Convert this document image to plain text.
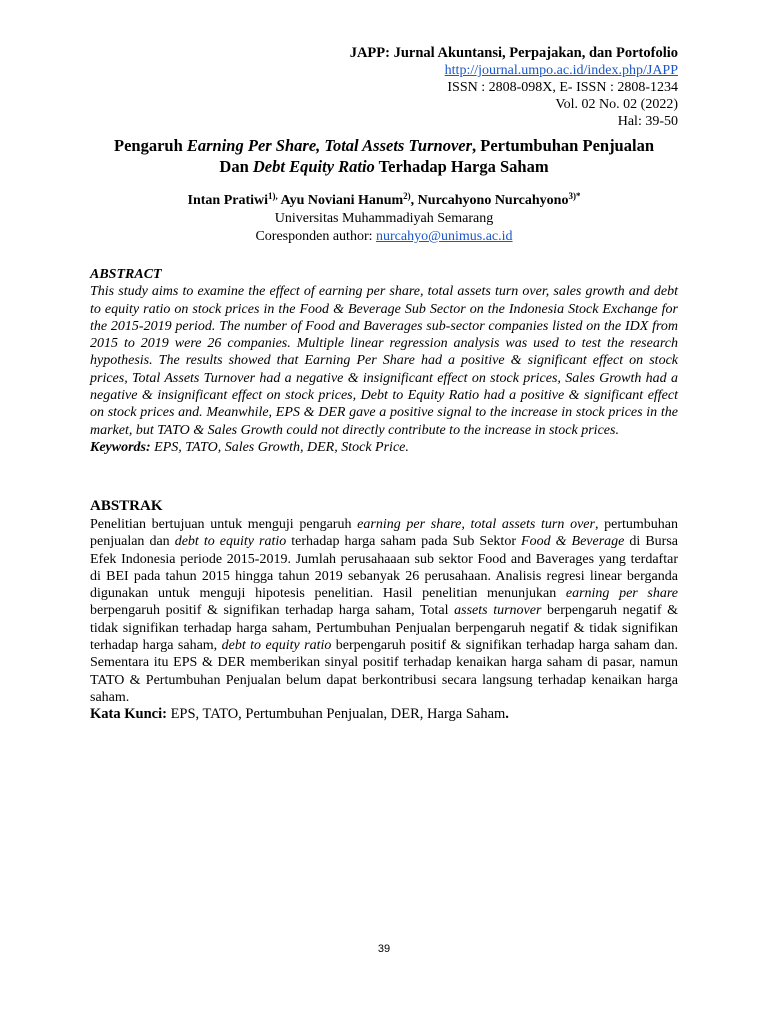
JAPP: Jurnal Akuntansi, Perpajakan, dan Portofolio
http://journal.umpo.ac.id/index.php/JAPP
ISSN : 2808-098X, E- ISSN : 2808-1234
Vol. 02 No. 02 (2022)
Hal: 39-50
Pengaruh Earning Per Share, Total Assets Turnover, Pertumbuhan Penjualan
Dan Debt Equity Ratio Terhadap Harga Saham
Intan Pratiwi$^{1),}$ Ayu Noviani Hanum$^{2)}$, Nurcahyono Nurcahyono$^{3)*}$
Universitas Muhammadiyah Semarang
Coresponden author: nurcahyo@unimus.ac.id
ABSTRACT

This study aims to examine the effect of earning per share, total assets turn over, sales growth and debt to equity ratio on stock prices in the Food & Beverage Sub Sector on the Indonesia Stock Exchange for the 2015-2019 period. The number of Food and Baverages sub-sector companies listed on the IDX from 2015 to 2019 were 26 companies. Multiple linear regression analysis was used to test the research hypothesis. The results showed that Earning Per Share had a positive & significant effect on stock prices, Total Assets Turnover had a negative & insignificant effect on stock prices, Sales Growth had a negative & insignificant effect on stock prices, Debt to Equity Ratio had a positive & significant effect on stock prices and. Meanwhile, EPS & DER gave a positive signal to the increase in stock prices in the market, but TATO & Sales Growth could not directly contribute to the increase in stock prices.

Keywords: EPS, TATO, Sales Growth, DER, Stock Price.
ABSTRAK

Penelitian bertujuan untuk menguji pengaruh earning per share, total assets turn over, pertumbuhan penjualan dan debt to equity ratio terhadap harga saham pada Sub Sektor Food & Beverage di Bursa Efek Indonesia periode 2015-2019. Jumlah perusahaaan sub sektor Food and Baverages yang terdaftar di BEI pada tahun 2015 hingga tahun 2019 sebanyak 26 perusahaan. Analisis regresi linear berganda digunakan untuk menguji hipotesis penelitian. Hasil penelitian menunjukan earning per share berpengaruh positif & signifikan terhadap harga saham, Total assets turnover berpengaruh negatif & tidak signifikan terhadap harga saham, Pertumbuhan Penjualan berpengaruh negatif & tidak signifikan terhadap harga saham, debt to equity ratio berpengaruh positif & signifikan terhadap harga saham dan. Sementara itu EPS & DER memberikan sinyal positif terhadap kenaikan harga saham di pasar, namun TATO & Pertumbuhan Penjualan belum dapat berkontribusi secara langsung terhadap kenaikan harga saham.

Kata Kunci: EPS, TATO, Pertumbuhan Penjualan, DER, Harga Saham.
39
